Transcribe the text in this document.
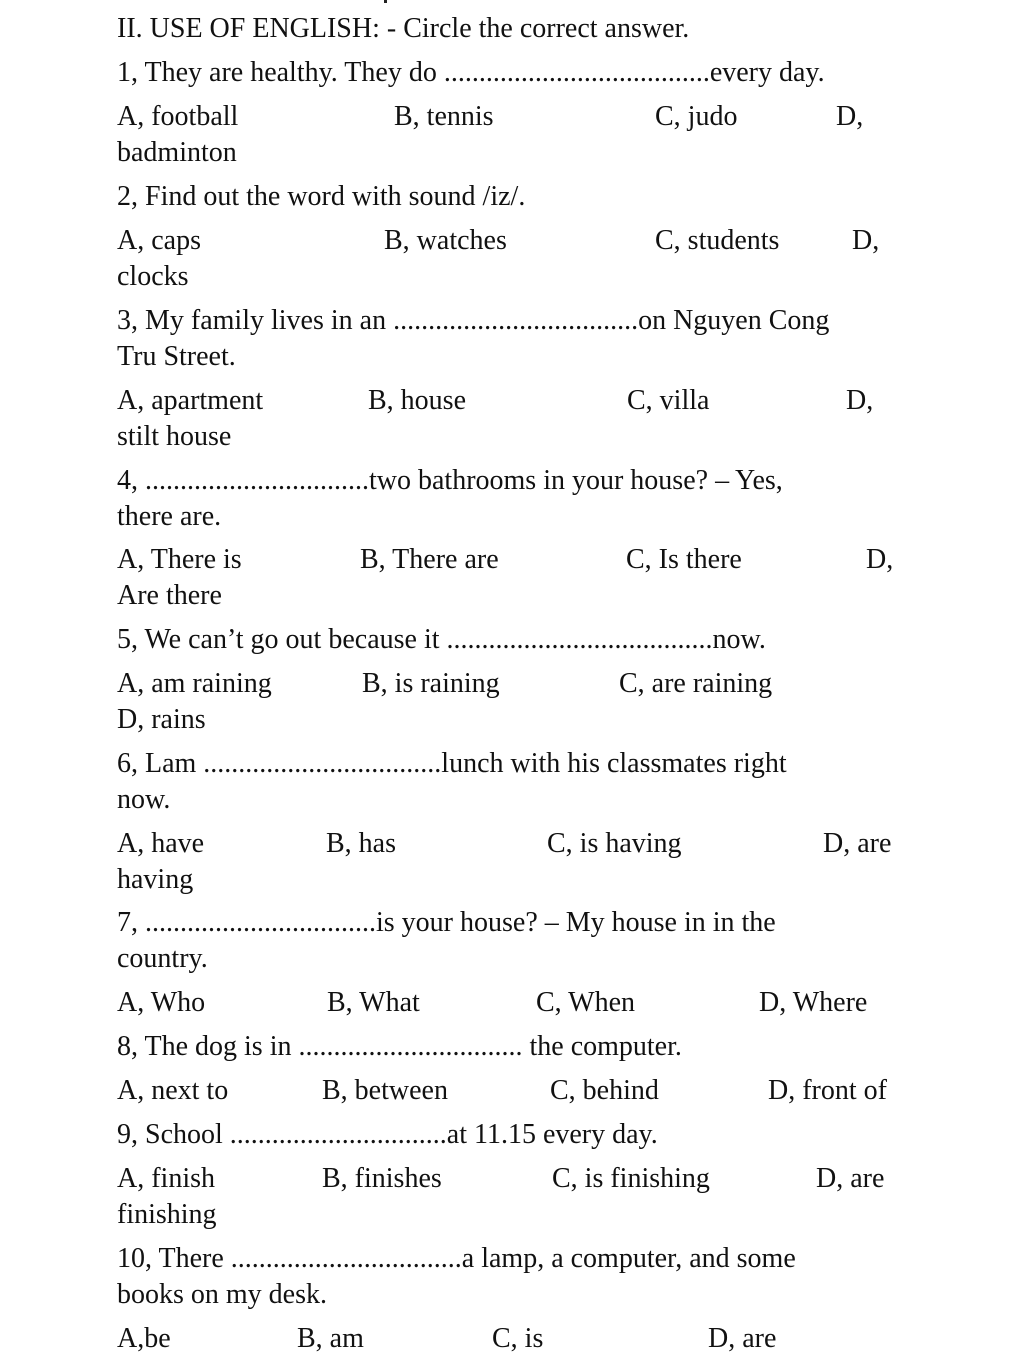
II. USE OF ENGLISH: - Circle the correct answer.
1, They are healthy. They do ......................................every day.
A, football	B, tennis	C, judo	D,
badminton
2, Find out the word with sound /iz/.
A, caps	B, watches	C, students	D,
clocks
3, My family lives in an ...................................on Nguyen Cong
Tru Street.
A, apartment	B, house	C, villa	D,
stilt house
4, ................................two bathrooms in your house? – Yes,
there are.
A, There is	B, There are	C, Is there	D,
Are there
5, We can’t go out because it ......................................now.
A, am raining	B, is raining	C, are raining
D, rains
6, Lam ..................................lunch with his classmates right
now.
A, have	B, has	C, is having	D, are
having
7, .................................is your house? – My house in in the
country.
A, Who	B, What	C, When	D, Where
8, The dog is in ................................ the computer.
A, next to	B, between	C, behind	D, front of
9, School ...............................at 11.15 every day.
A, finish	B, finishes	C, is finishing	D, are
finishing
10, There .................................a lamp, a computer, and some
books on my desk.
A,be	B, am	C, is	D, are
